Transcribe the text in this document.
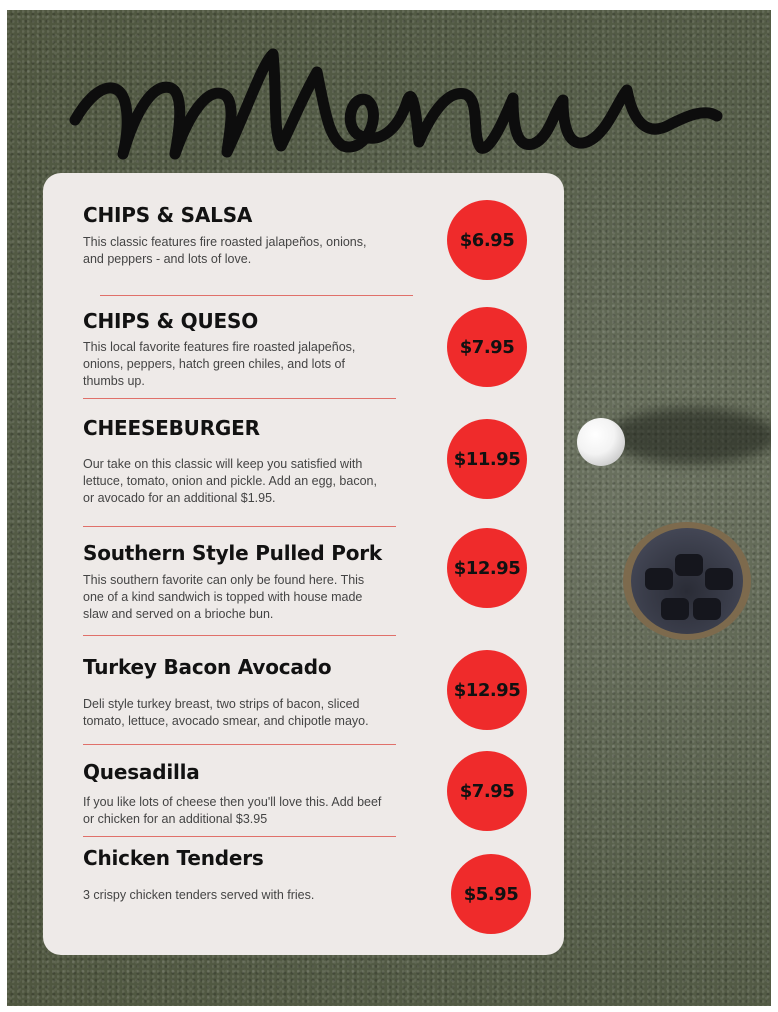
CHIPS & SALSA

This classic features fire roasted jalapeños, onions, and peppers - and lots of love.

$6.95
CHIPS & QUESO

This local favorite features fire roasted jalapeños, onions, peppers, hatch green chiles, and lots of thumbs up.

$7.95
CHEESEBURGER

Our take on this classic will keep you satisfied with lettuce, tomato, onion and pickle. Add an egg, bacon, or avocado for an additional $1.95.

$11.95
Southern Style Pulled Pork

This southern favorite can only be found here. This one of a kind sandwich is topped with house made slaw and served on a brioche bun.

$12.95
Turkey Bacon Avocado

Deli style turkey breast, two strips of bacon, sliced tomato, lettuce, avocado smear, and chipotle mayo.

$12.95
Quesadilla

If you like lots of cheese then you'll love this. Add beef or chicken for an additional $3.95

$7.95
Chicken Tenders

3 crispy chicken tenders served with fries.	$5.95
